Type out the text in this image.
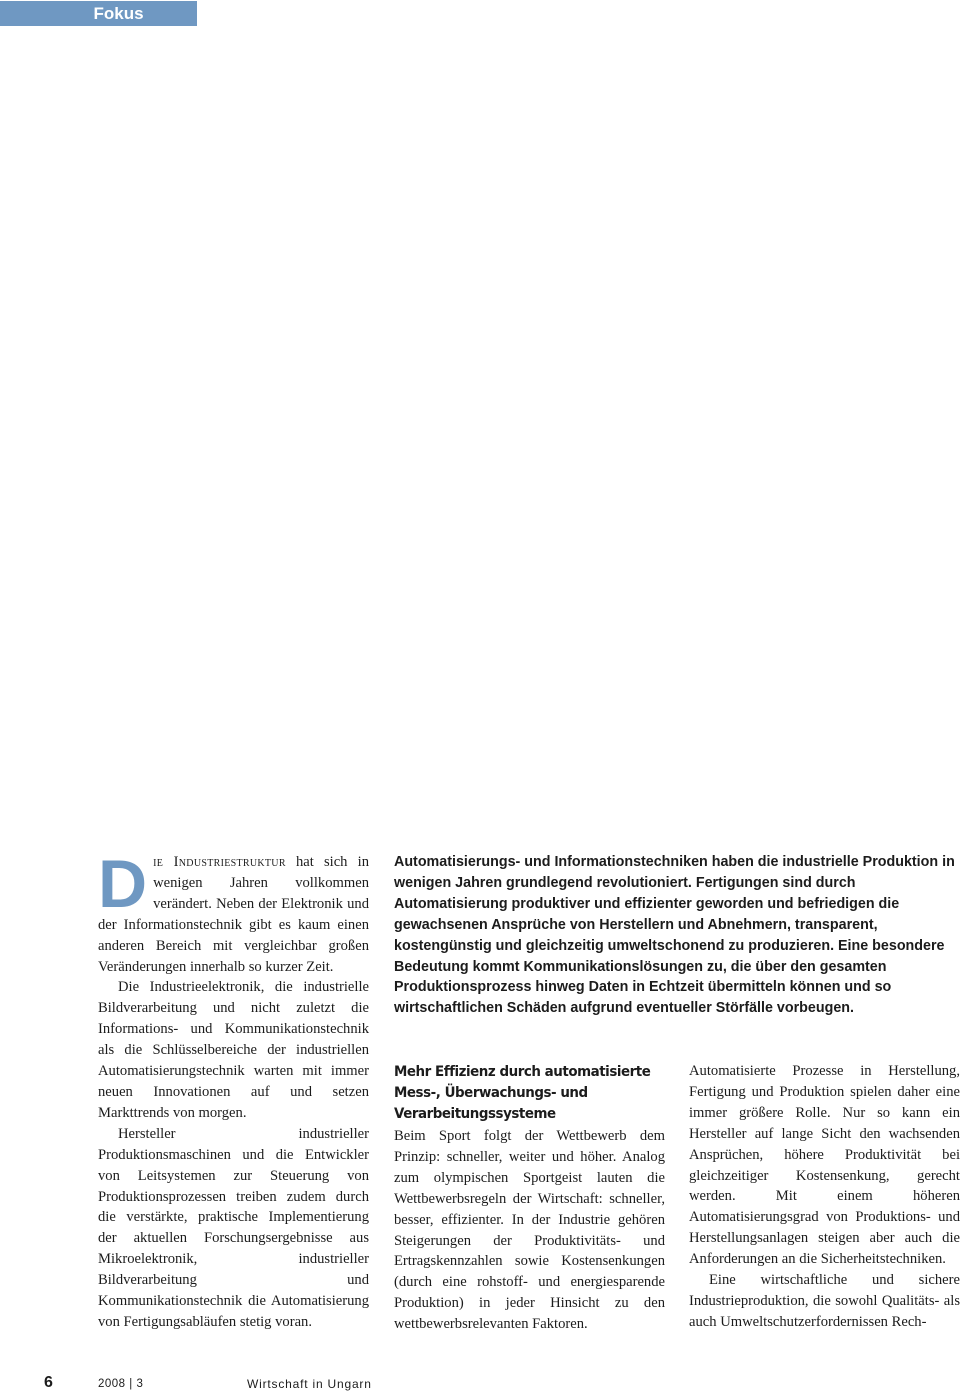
Fokus

Die Industriestruktur hat sich in wenigen Jahren vollkommen verändert. Neben der Elektronik und der Informationstechnik gibt es kaum einen anderen Bereich mit vergleichbar großen Veränderungen innerhalb so kurzer Zeit.

Die Industrieelektronik, die industrielle Bildverarbeitung und nicht zuletzt die Informations- und Kommunikationstechnik als die Schlüsselbereiche der industriellen Automatisierungstechnik warten mit immer neuen Innovationen auf und setzen Markttrends von morgen.

Hersteller industrieller Produktionsmaschinen und die Entwickler von Leitsystemen zur Steuerung von Produktionsprozessen treiben zudem durch die verstärkte, praktische Implementierung der aktuellen Forschungsergebnisse aus Mikroelektronik, industrieller Bildverarbeitung und Kommunikationstechnik die Automatisierung von Fertigungsabläufen stetig voran.

Automatisierungs- und Informationstechniken haben die industrielle Produktion in wenigen Jahren grundlegend revolutioniert. Fertigungen sind durch Automatisierung produktiver und effizienter geworden und befriedigen die gewachsenen Ansprüche von Herstellern und Abnehmern, transparent, kostengünstig und gleichzeitig umweltschonend zu produzieren. Eine besondere Bedeutung kommt Kommunikationslösungen zu, die über den gesamten Produktionsprozess hinweg Daten in Echtzeit übermitteln können und so wirtschaftlichen Schäden aufgrund eventueller Störfälle vorbeugen.

Mehr Effizienz durch automatisierte Mess-, Überwachungs- und Verarbeitungssysteme

Beim Sport folgt der Wettbewerb dem Prinzip: schneller, weiter und höher. Analog zum olympischen Sportgeist lauten die Wettbewerbsregeln der Wirtschaft: schneller, besser, effizienter. In der Industrie gehören Steigerungen der Produktivitäts- und Ertragskennzahlen sowie Kostensenkungen (durch eine rohstoff- und energiesparende Produktion) in jeder Hinsicht zu den wettbewerbsrelevanten Faktoren.

Automatisierte Prozesse in Herstellung, Fertigung und Produktion spielen daher eine immer größere Rolle. Nur so kann ein Hersteller auf lange Sicht den wachsenden Ansprüchen, höhere Produktivität bei gleichzeitiger Kostensenkung, gerecht werden. Mit einem höheren Automatisierungsgrad von Produktions- und Herstellungsanlagen steigen aber auch die Anforderungen an die Sicherheitstechniken.

Eine wirtschaftliche und sichere Industrieproduktion, die sowohl Qualitäts- als auch Umweltschutzerfordernissen Rech-

6	2008 | 3	Wirtschaft in Ungarn
